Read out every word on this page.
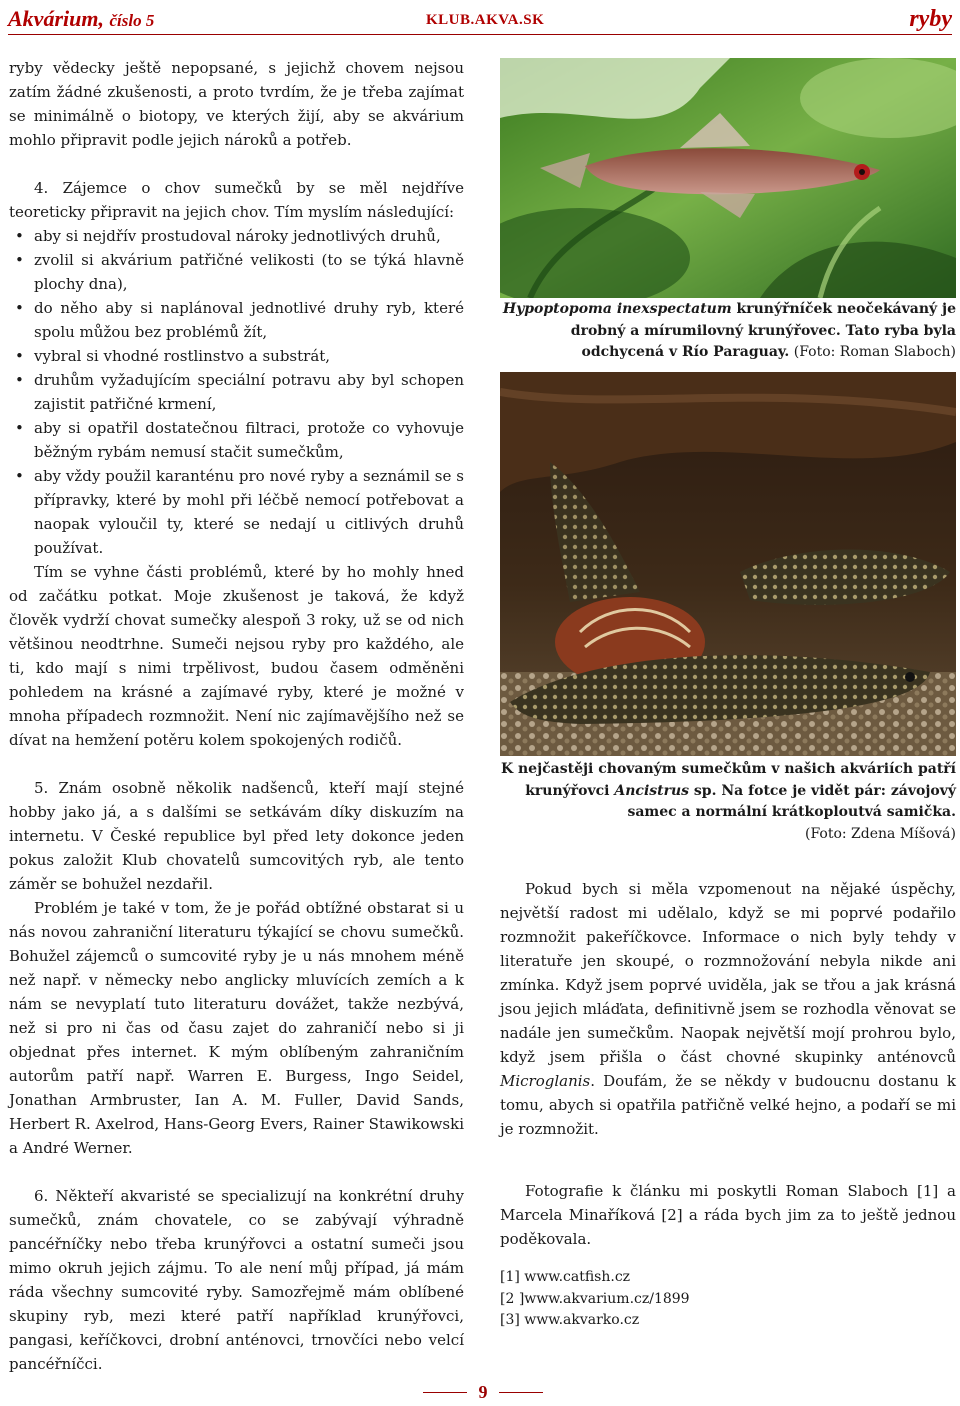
Akvárium, číslo 5	KLUB.AKVA.SK	ryby

ryby vědecky ještě nepopsané, s jejichž chovem nejsou zatím žádné zkušenosti, a proto tvrdím, že je třeba zajímat se minimálně o biotopy, ve kterých žijí, aby se akvárium mohlo připravit podle jejich nároků a potřeb.

4. Zájemce o chov sumečků by se měl nejdříve teoreticky připravit na jejich chov. Tím myslím následující:

• aby si nejdřív prostudoval nároky jednotlivých druhů,
• zvolil si akvárium patřičné velikosti (to se týká hlavně plochy dna),
• do něho aby si naplánoval jednotlivé druhy ryb, které spolu můžou bez problémů žít,
• vybral si vhodné rostlinstvo a substrát,
• druhům vyžadujícím speciální potravu aby byl schopen zajistit patřičné krmení,
• aby si opatřil dostatečnou filtraci, protože co vyhovuje běžným rybám nemusí stačit sumečkům,
• aby vždy použil karanténu pro nové ryby a seznámil se s přípravky, které by mohl při léčbě nemocí potřebovat a naopak vyloučil ty, které se nedají u citlivých druhů používat.

Tím se vyhne části problémů, které by ho mohly hned od začátku potkat. Moje zkušenost je taková, že když člověk vydrží chovat sumečky alespoň 3 roky, už se od nich většinou neodtrhne. Sumeči nejsou ryby pro každého, ale ti, kdo mají s nimi trpělivost, budou časem odměněni pohledem na krásné a zajímavé ryby, které je možné v mnoha případech rozmnožit. Není nic zajímavějšího než se dívat na hemžení potěru kolem spokojených rodičů.

5. Znám osobně několik nadšenců, kteří mají stejné hobby jako já, a s dalšími se setkávám díky diskuzím na internetu. V České republice byl před lety dokonce jeden pokus založit Klub chovatelů sumcovitých ryb, ale tento záměr se bohužel nezdařil.

Problém je také v tom, že je pořád obtížné obstarat si u nás novou zahraniční literaturu týkající se chovu sumečků. Bohužel zájemců o sumcovité ryby je u nás mnohem méně než např. v německy nebo anglicky mluvících zemích a k nám se nevyplatí tuto literaturu dovážet, takže nezbývá, než si pro ni čas od času zajet do zahraničí nebo si ji objednat přes internet. K mým oblíbeným zahraničním autorům patří např. Warren E. Burgess, Ingo Seidel, Jonathan Armbruster, Ian A. M. Fuller, David Sands, Herbert R. Axelrod, Hans-Georg Evers, Rainer Stawikowski a André Werner.

6. Někteří akvaristé se specializují na konkrétní druhy sumečků, znám chovatele, co se zabývají výhradně pancéřníčky nebo třeba krunýřovci a ostatní sumeči jsou mimo okruh jejich zájmu. To ale není můj případ, já mám ráda všechny sumcovité ryby. Samozřejmě mám oblíbené skupiny ryb, mezi které patří například krunýřovci, pangasi, keříčkovci, drobní anténovci, trnovčíci nebo velcí pancéřníčci.

Hypoptopoma inexspectatum krunýřníček neočekávaný je drobný a mírumilovný krunýřovec. Tato ryba byla odchycená v Río Paraguay. (Foto: Roman Slaboch)
K nejčastěji chovaným sumečkům v našich akváriích patří krunýřovci Ancistrus sp. Na fotce je vidět pár: závojový samec a normální krátkoploutvá samička.
(Foto: Zdena Míšová)

Pokud bych si měla vzpomenout na nějaké úspěchy, největší radost mi udělalo, když se mi poprvé podařilo rozmnožit pakeříčkovce. Informace o nich byly tehdy v literatuře jen skoupé, o rozmnožování nebyla nikde ani zmínka. Když jsem poprvé uviděla, jak se třou a jak krásná jsou jejich mláďata, definitivně jsem se rozhodla věnovat se nadále jen sumečkům. Naopak největší mojí prohrou bylo, když jsem přišla o část chovné skupinky anténovců Microglanis. Doufám, že se někdy v budoucnu dostanu k tomu, abych si opatřila patřičně velké hejno, a podaří se mi je rozmnožit.

Fotografie k článku mi poskytli Roman Slaboch [1] a Marcela Minaříková [2] a ráda bych jim za to ještě jednou poděkovala.

[1] www.catfish.cz
[2 ]www.akvarium.cz/1899
[3] www.akvarko.cz
9
